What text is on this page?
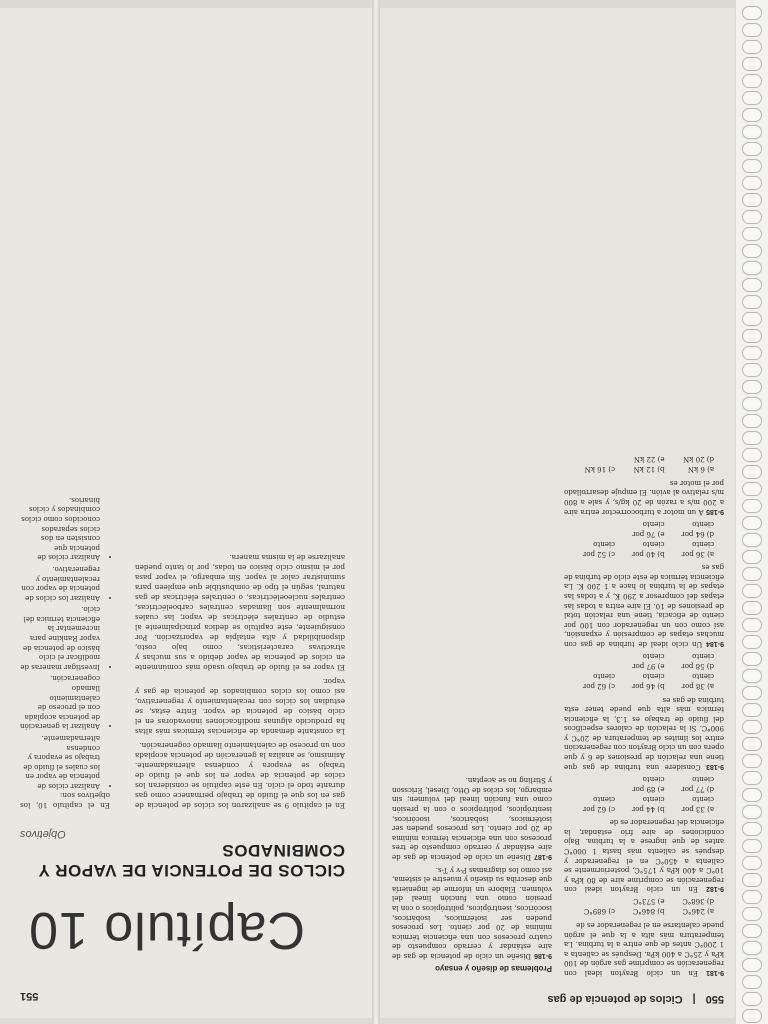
551
Capítulo 10
CICLOS DE POTENCIA DE VAPOR Y COMBINADOS
Objetivos
En el capítulo 10, los objetivos son:
• Analizar ciclos de potencia de vapor en los cuales el fluido de trabajo se evapora y condensa alternadamente.
• Analizar la generación de potencia acoplada con el proceso de calentamiento llamado cogeneración.
• Investigar maneras de modificar el ciclo básico de potencia de vapor Rankine para incrementar la eficiencia térmica del ciclo.
• Analizar los ciclos de potencia de vapor con recalentamiento y regenerativo.
• Analizar ciclos de potencia que consisten en dos ciclos separados conocidos como ciclos combinados y ciclos binarios.

En el capítulo 9 se analizaron los ciclos de potencia de gas en los que el fluido de trabajo permanece como gas durante todo el ciclo. En este capítulo se consideran los ciclos de potencia de vapor en los que el fluido de trabajo se evapora y condensa alternadamente. Asimismo, se analiza la generación de potencia acoplada con un proceso de calentamiento llamado cogeneración.

La constante demanda de eficiencias térmicas más altas ha producido algunas modificaciones innovadoras en el ciclo básico de potencia de vapor. Entre éstas, se estudian los ciclos con recalentamiento y regenerativo, así como los ciclos combinados de potencia de gas y vapor.

El vapor es el fluido de trabajo usado más comúnmente en ciclos de potencia de vapor debido a sus muchas y atractivas características, como bajo costo, disponibilidad y alta entalpía de vaporización. Por consiguiente, este capítulo se dedica principalmente al estudio de centrales eléctricas de vapor, las cuales normalmente son llamadas centrales carboeléctricas, centrales nucleoeléctricas, o centrales eléctricas de gas natural, según el tipo de combustible que empleen para suministrar calor al vapor. Sin embargo, el vapor pasa por el mismo ciclo básico en todas, por lo tanto pueden analizarse de la misma manera.

550
|
Ciclos de potencia de gas
9-181 En un ciclo Brayton ideal con regeneración se comprime gas argón de 100 kPa y 25°C a 400 kPa. Después se calienta a 1 200°C antes de que entre a la turbina. La temperatura más alta a la que el argón puede calentarse en el regenerador es de
a) 246°C
b) 846°C
c) 689°C
d) 368°C
e) 573°C
9-182 En un ciclo Brayton ideal con regeneración se comprime aire de 80 kPa y 10°C a 400 kPa y 175°C, posteriormente se calienta a 450°C en el regenerador y después se calienta más hasta 1 000°C antes de que ingrese a la turbina. Bajo condiciones de aire frío estándar, la eficiencia del regenerador es de
a) 33 por ciento
b) 44 por ciento
c) 62 por ciento
d) 77 por ciento
e) 89 por ciento
9-183 Considere una turbina de gas que tiene una relación de presiones de 6 y que opera con un ciclo Brayton con regeneración entre los límites de temperatura de 20°C y 900°C. Si la relación de calores específicos del fluido de trabajo es 1.3, la eficiencia térmica más alta que puede tener esta turbina de gas es
a) 38 por ciento
b) 46 por ciento
c) 62 por ciento
d) 58 por ciento
e) 97 por ciento
9-184 Un ciclo ideal de turbina de gas con muchas etapas de compresión y expansión, así como con un regenerador con 100 por ciento de eficacia, tiene una relación total de presiones de 10. El aire entra a todas las etapas del compresor a 290 K, y a todas las etapas de la turbina lo hace a 1 200 K. La eficiencia térmica de este ciclo de turbina de gas es
a) 36 por ciento
b) 40 por ciento
c) 52 por ciento
d) 64 por ciento
e) 76 por ciento
9-185 A un motor a turbocorrector entra aire a 200 m/s a razón de 20 kg/s, y sale a 800 m/s relativo al avión. El empuje desarrollado por el motor es
a) 6 kN
b) 12 kN
c) 16 kN
d) 20 kN
e) 22 kN
Problemas de diseño y ensayo
9-186 Diseñe un ciclo de potencia de gas de aire estándar y cerrado compuesto de cuatro procesos con una eficiencia térmica mínima de 20 por ciento. Los procesos pueden ser isotérmicos, isobáricos, isocóricos, isentrópicos, politrópicos o con la presión como una función lineal del volumen. Elabore un informe de ingeniería que describa su diseño y muestre el sistema, así como los diagramas P-v y T-s.
9-187 Diseñe un ciclo de potencia de gas de aire estándar y cerrado compuesto de tres procesos con una eficiencia térmica mínima de 20 por ciento. Los procesos pueden ser isotérmicos, isobáricos, isocóricos, isentrópicos, politrópicos o con la presión como una función lineal del volumen; sin embargo, los ciclos de Otto, Diesel, Ericsson y Stirling no se aceptan.
